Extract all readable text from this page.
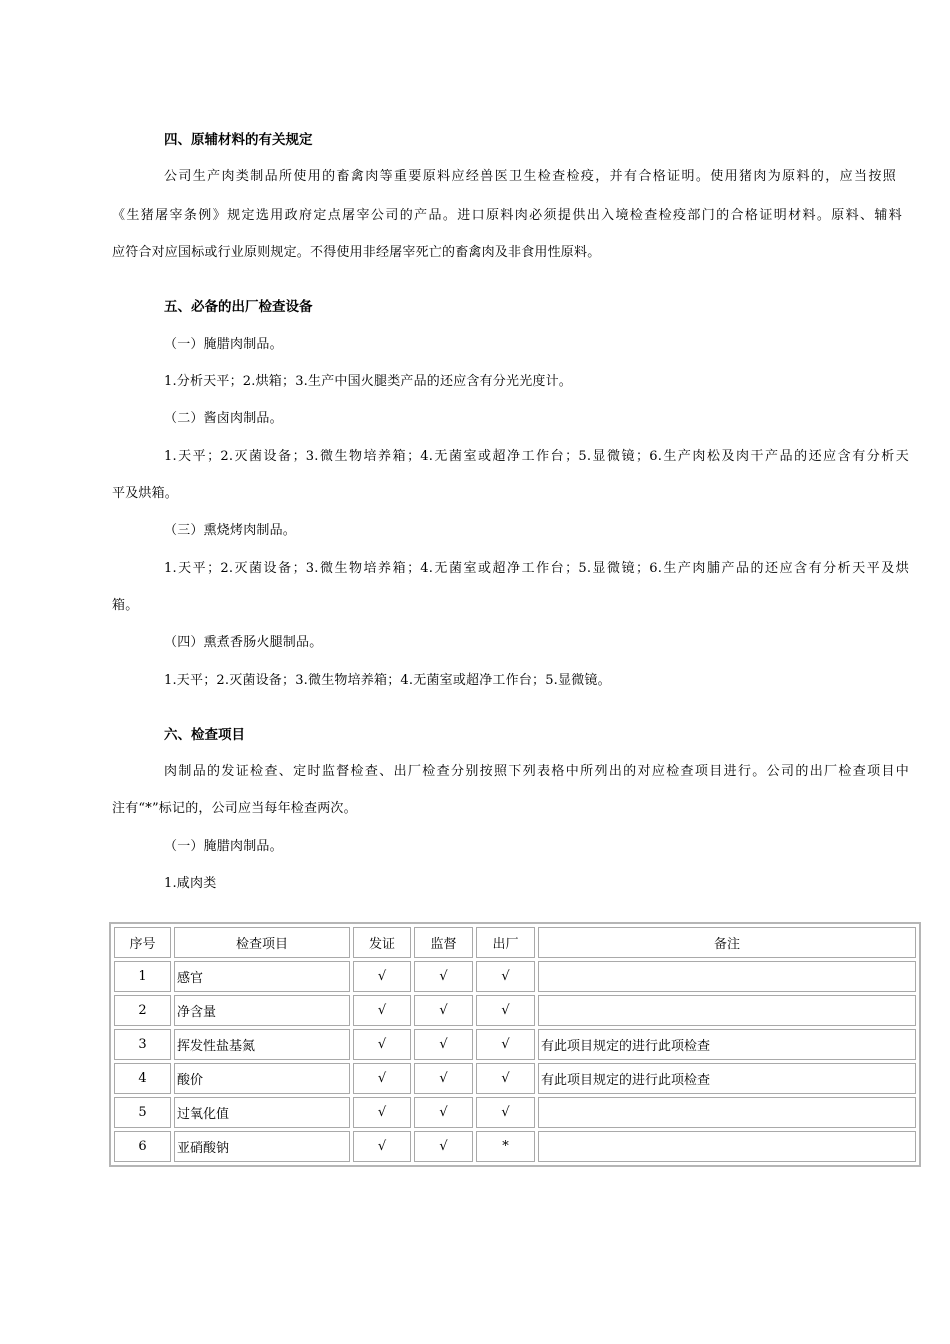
四、原辅材料的有关规定
公司生产肉类制品所使用的畜禽肉等重要原料应经兽医卫生检查检疫，并有合格证明。使用猪肉为原料的，应当按照
《生猪屠宰条例》规定选用政府定点屠宰公司的产品。进口原料肉必须提供出入境检查检疫部门的合格证明材料。原料、辅料
应符合对应国标或行业原则规定。不得使用非经屠宰死亡的畜禽肉及非食用性原料。
五、必备的出厂检查设备
（一）腌腊肉制品。
1.分析天平；2.烘箱；3.生产中国火腿类产品的还应含有分光光度计。
（二）酱卤肉制品。
1.天平；2.灭菌设备；3.微生物培养箱；4.无菌室或超净工作台；5.显微镜；6.生产肉松及肉干产品的还应含有分析天
平及烘箱。
（三）熏烧烤肉制品。
1.天平；2.灭菌设备；3.微生物培养箱；4.无菌室或超净工作台；5.显微镜；6.生产肉脯产品的还应含有分析天平及烘
箱。
（四）熏煮香肠火腿制品。
1.天平；2.灭菌设备；3.微生物培养箱；4.无菌室或超净工作台；5.显微镜。
六、检查项目
肉制品的发证检查、定时监督检查、出厂检查分别按照下列表格中所列出的对应检查项目进行。公司的出厂检查项目中
注有“*”标记的，公司应当每年检查两次。
（一）腌腊肉制品。
1.咸肉类
序号	检查项目	发证	监督	出厂	备注
1	感官	√	√	√	
2	净含量	√	√	√	
3	挥发性盐基氮	√	√	√	有此项目规定的进行此项检查
4	酸价	√	√	√	有此项目规定的进行此项检查
5	过氧化值	√	√	√	
6	亚硝酸钠	√	√	*	
